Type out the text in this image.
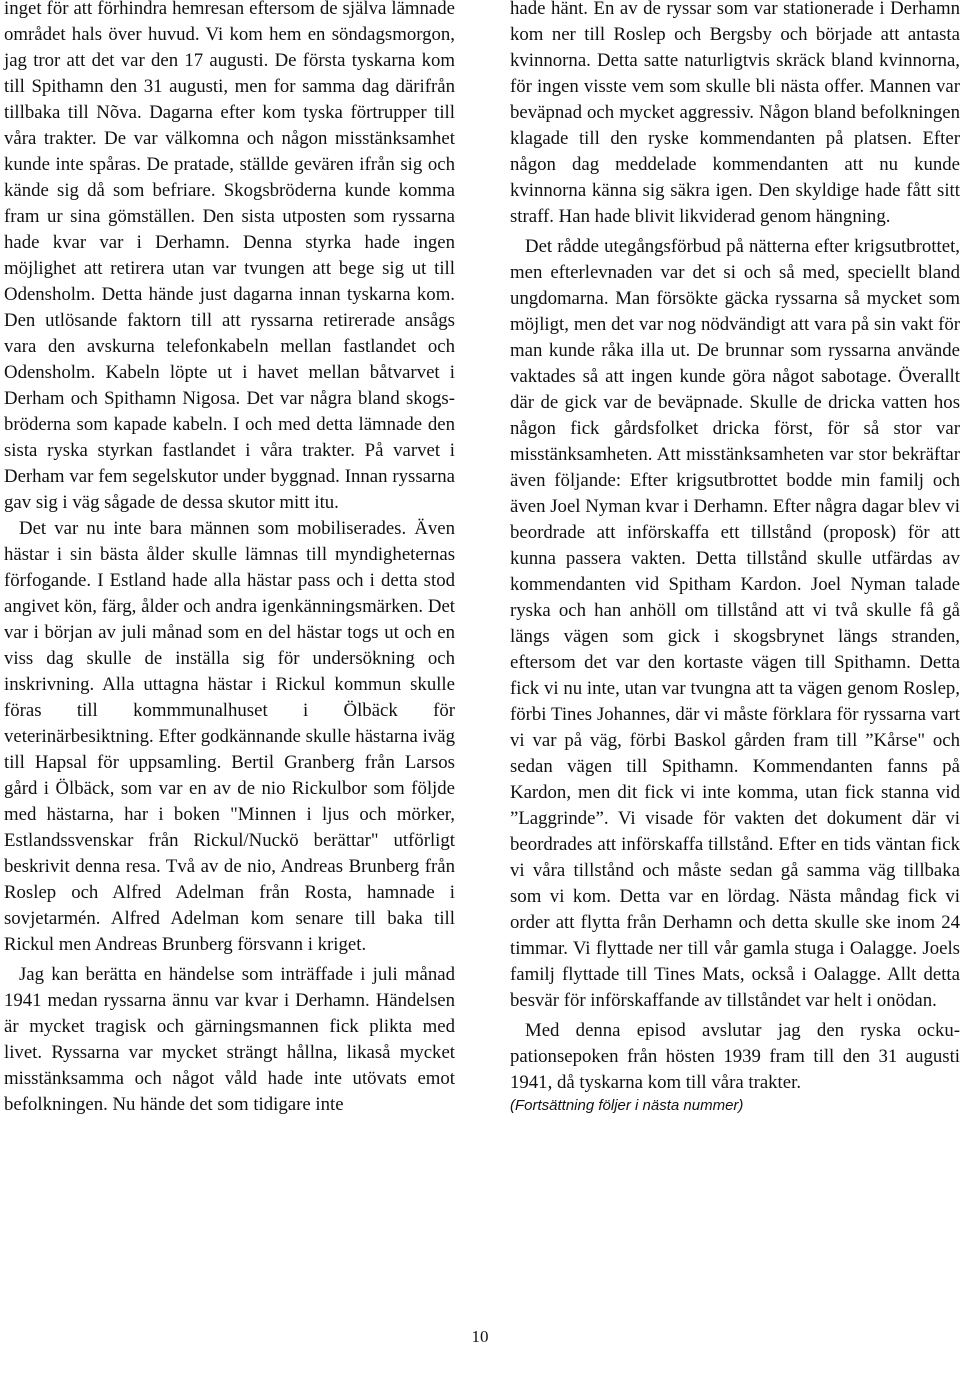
inget för att förhindra hemresan eftersom de själva lämnade området hals över huvud. Vi kom hem en söndagsmorgon, jag tror att det var den 17 augusti. De första tyskarna kom till Spithamn den 31 augusti, men for samma dag därifrån tillbaka till Nõva. Dagarna efter kom tyska förtrupper till våra trakter. De var välkomna och någon misstänksamhet kunde inte spåras. De pratade, ställde gevären ifrån sig och kände sig då som befriare. Skogsbröderna kunde komma fram ur sina gömställen. Den sista utposten som ryssarna hade kvar var i Derhamn. Denna styrka hade ingen möjlighet att retirera utan var tvungen att bege sig ut till Odensholm. Detta hände just dagarna innan tyskarna kom. Den utlösande faktorn till att ryssarna retirerade ansågs vara den avskurna telefonkabeln mellan fastlandet och Odensholm. Kabeln löpte ut i havet mellan båtvarvet i Derham och Spithamn Nigosa. Det var några bland skogsbröderna som kapade kabeln. I och med detta lämnade den sista ryska styrkan fastlandet i våra trakter. På varvet i Derham var fem segelskutor under byggnad. Innan ryssarna gav sig i väg sågade de dessa skutor mitt itu.

Det var nu inte bara männen som mobiliserades. Även hästar i sin bästa ålder skulle lämnas till myndigheternas förfogande. I Estland hade alla hästar pass och i detta stod angivet kön, färg, ålder och andra igenkänningsmärken. Det var i början av juli månad som en del hästar togs ut och en viss dag skulle de inställa sig för undersökning och inskrivning. Alla uttagna hästar i Rickul kommun skulle föras till kommmunalhuset i Ölbäck för veterinärbesiktning. Efter godkännande skulle hästarna iväg till Hapsal för uppsamling. Bertil Granberg från Larsos gård i Ölbäck, som var en av de nio Rickulbor som följde med hästarna, har i boken "Minnen i ljus och mörker, Estlandssvenskar från Rickul/Nuckö berättar" utförligt beskrivit denna resa. Två av de nio, Andreas Brunberg från Roslep och Alfred Adelman från Rosta, hamnade i sovjetarmén. Alfred Adelman kom senare till baka till Rickul men Andreas Brunberg försvann i kriget.

Jag kan berätta en händelse som inträffade i juli månad 1941 medan ryssarna ännu var kvar i Derhamn. Händelsen är mycket tragisk och gärningsmannen fick plikta med livet. Ryssarna var mycket strängt hållna, likaså mycket misstänksamma och något våld hade inte utövats emot befolkningen. Nu hände det som tidigare inte

hade hänt. En av de ryssar som var stationerade i Derhamn kom ner till Roslep och Bergsby och började att antasta kvinnorna. Detta satte naturligtvis skräck bland kvinnorna, för ingen visste vem som skulle bli nästa offer. Mannen var beväpnad och mycket aggressiv. Någon bland befolkningen klagade till den ryske kommendanten på platsen. Efter någon dag meddelade kommendanten att nu kunde kvinnorna känna sig säkra igen. Den skyldige hade fått sitt straff. Han hade blivit likviderad genom hängning.

Det rådde utegångsförbud på nätterna efter krigsutbrottet, men efterlevnaden var det si och så med, speciellt bland ungdomarna. Man försökte gäcka ryssarna så mycket som möjligt, men det var nog nödvändigt att vara på sin vakt för man kunde råka illa ut. De brunnar som ryssarna använde vaktades så att ingen kunde göra något sabotage. Överallt där de gick var de beväpnade. Skulle de dricka vatten hos någon fick gårdsfolket dricka först, för så stor var misstänksamheten. Att misstänksamheten var stor bekräftar även följande: Efter krigsutbrottet bodde min familj och även Joel Nyman kvar i Derhamn. Efter några dagar blev vi beordrade att införskaffa ett tillstånd (proposk) för att kunna passera vakten. Detta tillstånd skulle utfärdas av kommendanten vid Spitham Kardon. Joel Nyman talade ryska och han anhöll om tillstånd att vi två skulle få gå längs vägen som gick i skogsbrynet längs stranden, eftersom det var den kortaste vägen till Spithamn. Detta fick vi nu inte, utan var tvungna att ta vägen genom Roslep, förbi Tines Johannes, där vi måste förklara för ryssarna vart vi var på väg, förbi Baskol gården fram till ”Kårse" och sedan vägen till Spithamn. Kommendanten fanns på Kardon, men dit fick vi inte komma, utan fick stanna vid ”Laggrinde”. Vi visade för vakten det dokument där vi beordrades att införskaffa tillstånd. Efter en tids väntan fick vi våra tillstånd och måste sedan gå samma väg tillbaka som vi kom. Detta var en lördag. Nästa måndag fick vi order att flytta från Derhamn och detta skulle ske inom 24 timmar. Vi flyttade ner till vår gamla stuga i Oalagge. Joels familj flyttade till Tines Mats, också i Oalagge. Allt detta besvär för införskaffande av tillståndet var helt i onödan.

Med denna episod avslutar jag den ryska ockupationsepoken från hösten 1939 fram till den 31 augusti 1941, då tyskarna kom till våra trakter.

(Fortsättning följer i nästa nummer)

10
